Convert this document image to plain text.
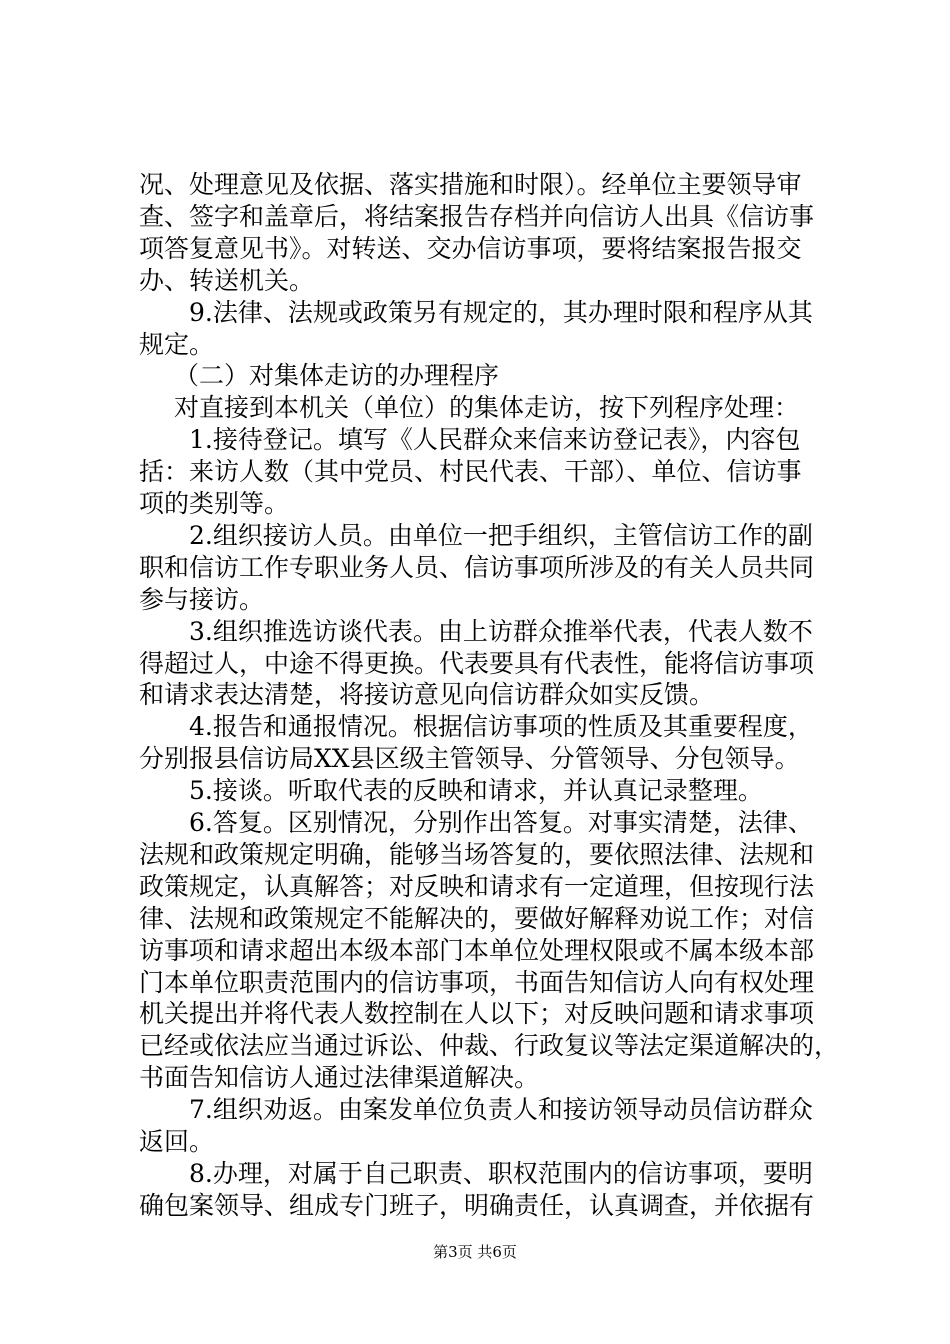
况、处理意见及依据、落实措施和时限）。经单位主要领导审
查、签字和盖章后，将结案报告存档并向信访人出具《信访事
项答复意见书》。对转送、交办信访事项，要将结案报告报交
办、转送机关。
9.法律、法规或政策另有规定的，其办理时限和程序从其
规定。
（二）对集体走访的办理程序
对直接到本机关（单位）的集体走访，按下列程序处理：
1.接待登记。填写《人民群众来信来访登记表》，内容包
括：来访人数（其中党员、村民代表、干部）、单位、信访事
项的类别等。
2.组织接访人员。由单位一把手组织，主管信访工作的副
职和信访工作专职业务人员、信访事项所涉及的有关人员共同
参与接访。
3.组织推选访谈代表。由上访群众推举代表，代表人数不
得超过人，中途不得更换。代表要具有代表性，能将信访事项
和请求表达清楚，将接访意见向信访群众如实反馈。
4.报告和通报情况。根据信访事项的性质及其重要程度，
分别报县信访局XX县区级主管领导、分管领导、分包领导。
5.接谈。听取代表的反映和请求，并认真记录整理。
6.答复。区别情况，分别作出答复。对事实清楚，法律、
法规和政策规定明确，能够当场答复的，要依照法律、法规和
政策规定，认真解答；对反映和请求有一定道理，但按现行法
律、法规和政策规定不能解决的，要做好解释劝说工作；对信
访事项和请求超出本级本部门本单位处理权限或不属本级本部
门本单位职责范围内的信访事项，书面告知信访人向有权处理
机关提出并将代表人数控制在人以下；对反映问题和请求事项
已经或依法应当通过诉讼、仲裁、行政复议等法定渠道解决的，
书面告知信访人通过法律渠道解决。
7.组织劝返。由案发单位负责人和接访领导动员信访群众
返回。
8.办理，对属于自己职责、职权范围内的信访事项，要明
确包案领导、组成专门班子，明确责任，认真调查，并依据有
第3页 共6页
